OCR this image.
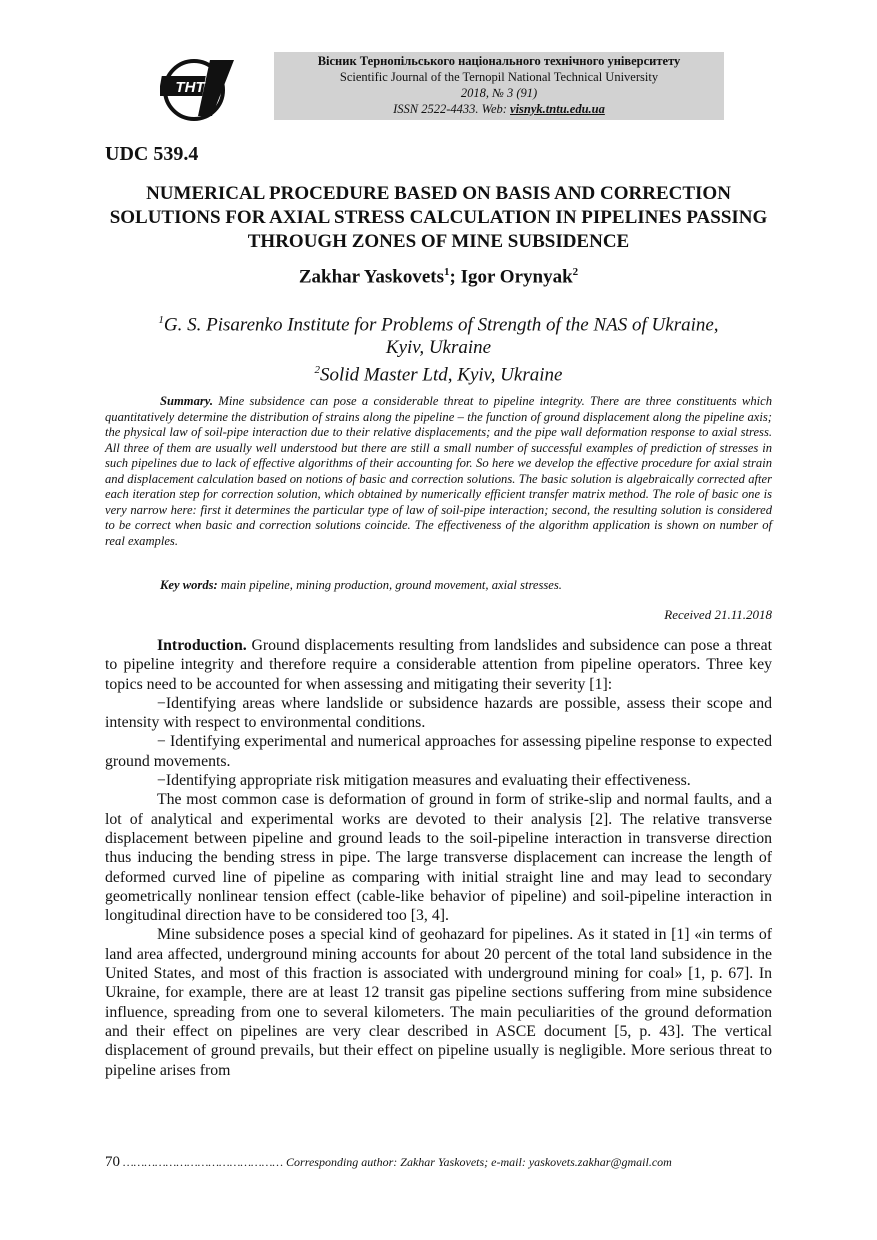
ТНТ
Вісник Тернопільського національного технічного університету
Scientific Journal of the Ternopil National Technical University
2018, № 3 (91)
ISSN 2522-4433. Web: visnyk.tntu.edu.ua
UDC 539.4
NUMERICAL PROCEDURE BASED ON BASIS AND CORRECTION SOLUTIONS FOR AXIAL STRESS CALCULATION IN PIPELINES PASSING THROUGH ZONES OF MINE SUBSIDENCE
Zakhar Yaskovets$^1$; Igor Orynyak$^2$
$^1$G. S. Pisarenko Institute for Problems of Strength of the NAS of Ukraine,
Kyiv, Ukraine
$^2$Solid Master Ltd, Kyiv, Ukraine
Summary. Mine subsidence can pose a considerable threat to pipeline integrity. There are three constituents which quantitatively determine the distribution of strains along the pipeline – the function of ground displacement along the pipeline axis; the physical law of soil-pipe interaction due to their relative displacements; and the pipe wall deformation response to axial stress. All three of them are usually well understood but there are still a small number of successful examples of prediction of stresses in such pipelines due to lack of effective algorithms of their accounting for. So here we develop the effective procedure for axial strain and displacement calculation based on notions of basic and correction solutions. The basic solution is algebraically corrected after each iteration step for correction solution, which obtained by numerically efficient transfer matrix method. The role of basic one is very narrow here: first it determines the particular type of law of soil-pipe interaction; second, the resulting solution is considered to be correct when basic and correction solutions coincide. The effectiveness of the algorithm application is shown on number of real examples.
Key words: main pipeline, mining production, ground movement, axial stresses.
Received 21.11.2018

Introduction. Ground displacements resulting from landslides and subsidence can pose a threat to pipeline integrity and therefore require a considerable attention from pipeline operators. Three key topics need to be accounted for when assessing and mitigating their severity [1]:

−Identifying areas where landslide or subsidence hazards are possible, assess their scope and intensity with respect to environmental conditions.

− Identifying experimental and numerical approaches for assessing pipeline response to expected ground movements.

−Identifying appropriate risk mitigation measures and evaluating their effectiveness.

The most common case is deformation of ground in form of strike-slip and normal faults, and a lot of analytical and experimental works are devoted to their analysis [2]. The relative transverse displacement between pipeline and ground leads to the soil-pipeline interaction in transverse direction thus inducing the bending stress in pipe. The large transverse displacement can increase the length of deformed curved line of pipeline as comparing with initial straight line and may lead to secondary geometrically nonlinear tension effect (cable-like behavior of pipeline) and soil-pipeline interaction in longitudinal direction have to be considered too [3, 4].

Mine subsidence poses a special kind of geohazard for pipelines. As it stated in [1] «in terms of land area affected, underground mining accounts for about 20 percent of the total land subsidence in the United States, and most of this fraction is associated with underground mining for coal» [1, p. 67]. In Ukraine, for example, there are at least 12 transit gas pipeline sections suffering from mine subsidence influence, spreading from one to several kilometers. The main peculiarities of the ground deformation and their effect on pipelines are very clear described in ASCE document [5, p. 43]. The vertical displacement of ground prevails, but their effect on pipeline usually is negligible. More serious threat to pipeline arises from

70 ……………………………………… Corresponding author: Zakhar Yaskovets; e-mail: yaskovets.zakhar@gmail.com
